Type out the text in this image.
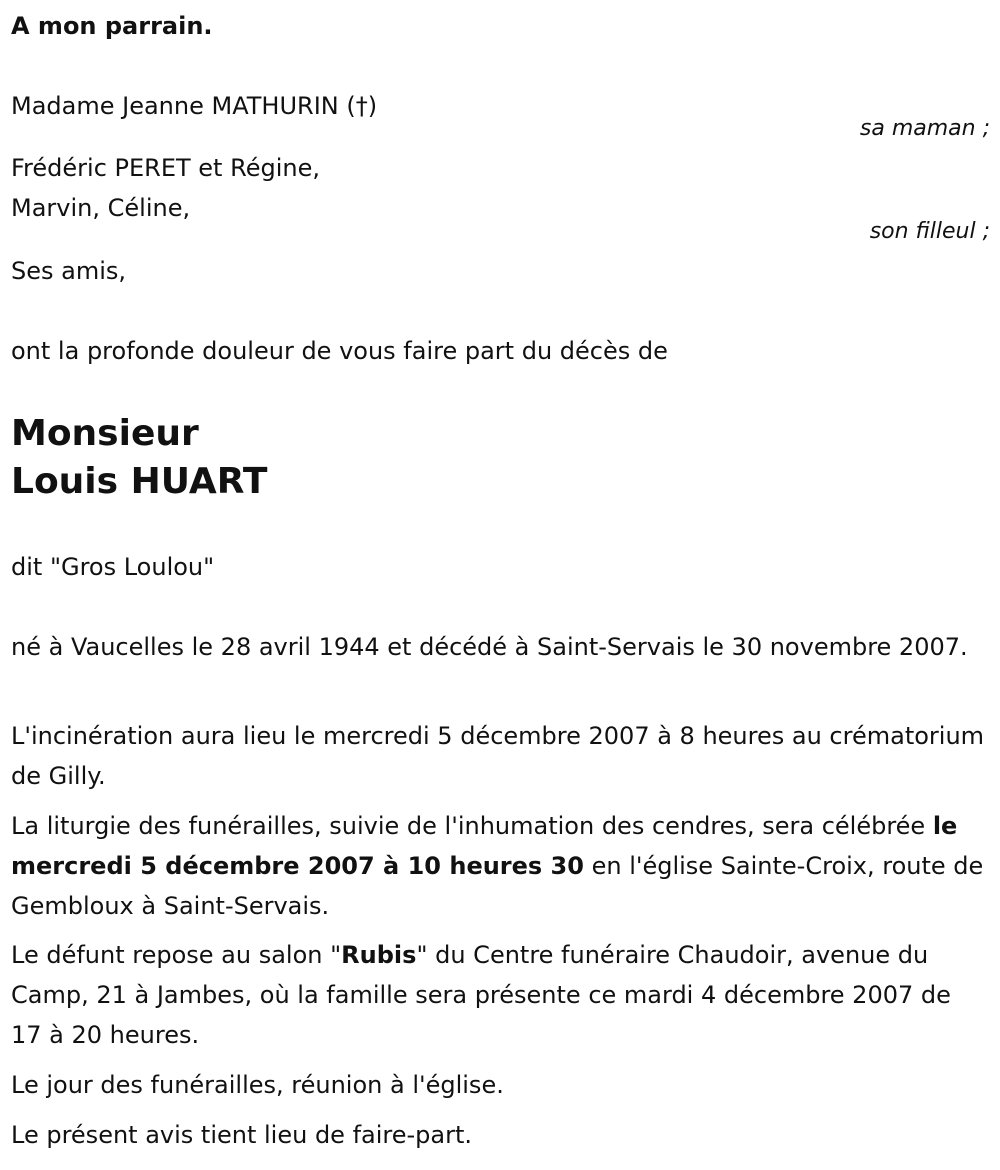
A mon parrain.
Madame Jeanne MATHURIN (†)
sa maman ;
Frédéric PERET et Régine,
Marvin, Céline,
son filleul ;
Ses amis,
ont la profonde douleur de vous faire part du décès de
Monsieur
Louis HUART
dit "Gros Loulou"

né à Vaucelles le 28 avril 1944 et décédé à Saint-Servais le 30 novembre 2007.

L'incinération aura lieu le mercredi 5 décembre 2007 à 8 heures au crématorium de Gilly.

La liturgie des funérailles, suivie de l'inhumation des cendres, sera célébrée le mercredi 5 décembre 2007 à 10 heures 30 en l'église Sainte-Croix, route de Gembloux à Saint-Servais.

Le défunt repose au salon "Rubis" du Centre funéraire Chaudoir, avenue du Camp, 21 à Jambes, où la famille sera présente ce mardi 4 décembre 2007 de 17 à 20 heures.

Le jour des funérailles, réunion à l'église.

Le présent avis tient lieu de faire-part.
